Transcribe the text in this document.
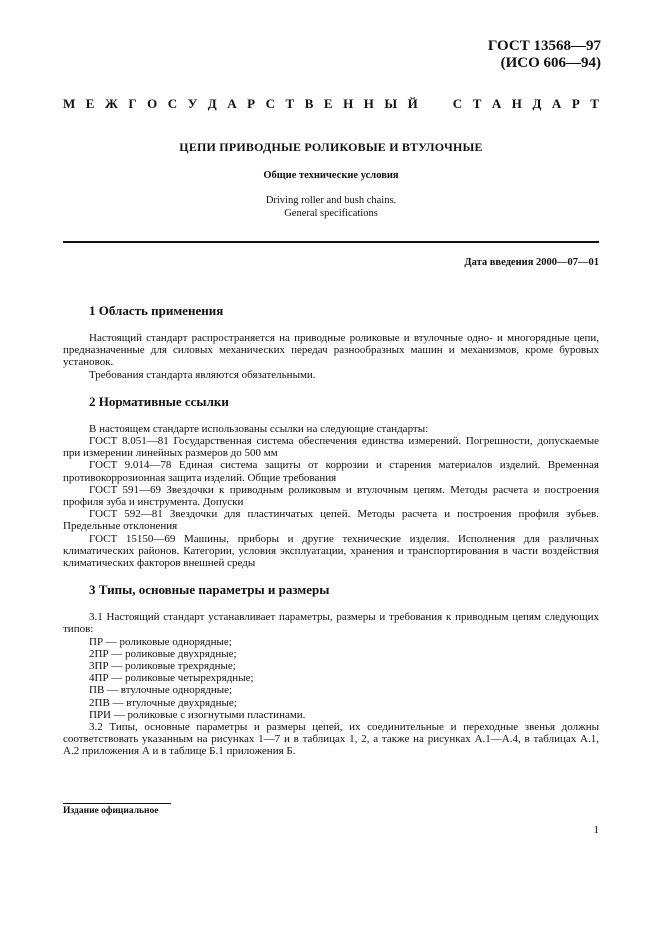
ГОСТ 13568—97
(ИСО 606—94)
М Е Ж Г О С У Д А Р С Т В Е Н Н Ы Й	С Т А Н Д А Р Т
ЦЕПИ ПРИВОДНЫЕ РОЛИКОВЫЕ И ВТУЛОЧНЫЕ
Общие технические условия
Driving roller and bush chains.
General specifications
Дата введения 2000—07—01
1 Область применения

Настоящий стандарт распространяется на приводные роликовые и втулочные одно- и многорядные цепи, предназначенные для силовых механических передач разнообразных машин и механизмов, кроме буровых установок.

Требования стандарта являются обязательными.

2 Нормативные ссылки

В настоящем стандарте использованы ссылки на следующие стандарты:

ГОСТ 8.051—81 Государственная система обеспечения единства измерений. Погрешности, допускаемые при измерении линейных размеров до 500 мм

ГОСТ 9.014—78 Единая система защиты от коррозии и старения материалов изделий. Временная противокоррозионная защита изделий. Общие требования

ГОСТ 591—69 Звездочки к приводным роликовым и втулочным цепям. Методы расчета и построения профиля зуба и инструмента. Допуски

ГОСТ 592—81 Звездочки для пластинчатых цепей. Методы расчета и построения профиля зубьев. Предельные отклонения

ГОСТ 15150—69 Машины, приборы и другие технические изделия. Исполнения для различных климатических районов. Категории, условия эксплуатации, хранения и транспортирования в части воздействия климатических факторов внешней среды

3 Типы, основные параметры и размеры

3.1 Настоящий стандарт устанавливает параметры, размеры и требования к приводным цепям следующих типов:

ПР — роликовые однорядные;

2ПР — роликовые двухрядные;

3ПР — роликовые трехрядные;

4ПР — роликовые четырехрядные;

ПВ — втулочные однорядные;

2ПВ — втулочные двухрядные;

ПРИ — роликовые с изогнутыми пластинами.

3.2 Типы, основные параметры и размеры цепей, их соединительные и переходные звенья должны соответствовать указанным на рисунках 1—7 и в таблицах 1, 2, а также на рисунках А.1—А.4, в таблицах А.1, А.2 приложения А и в таблице Б.1 приложения Б.

Издание официальное
1
